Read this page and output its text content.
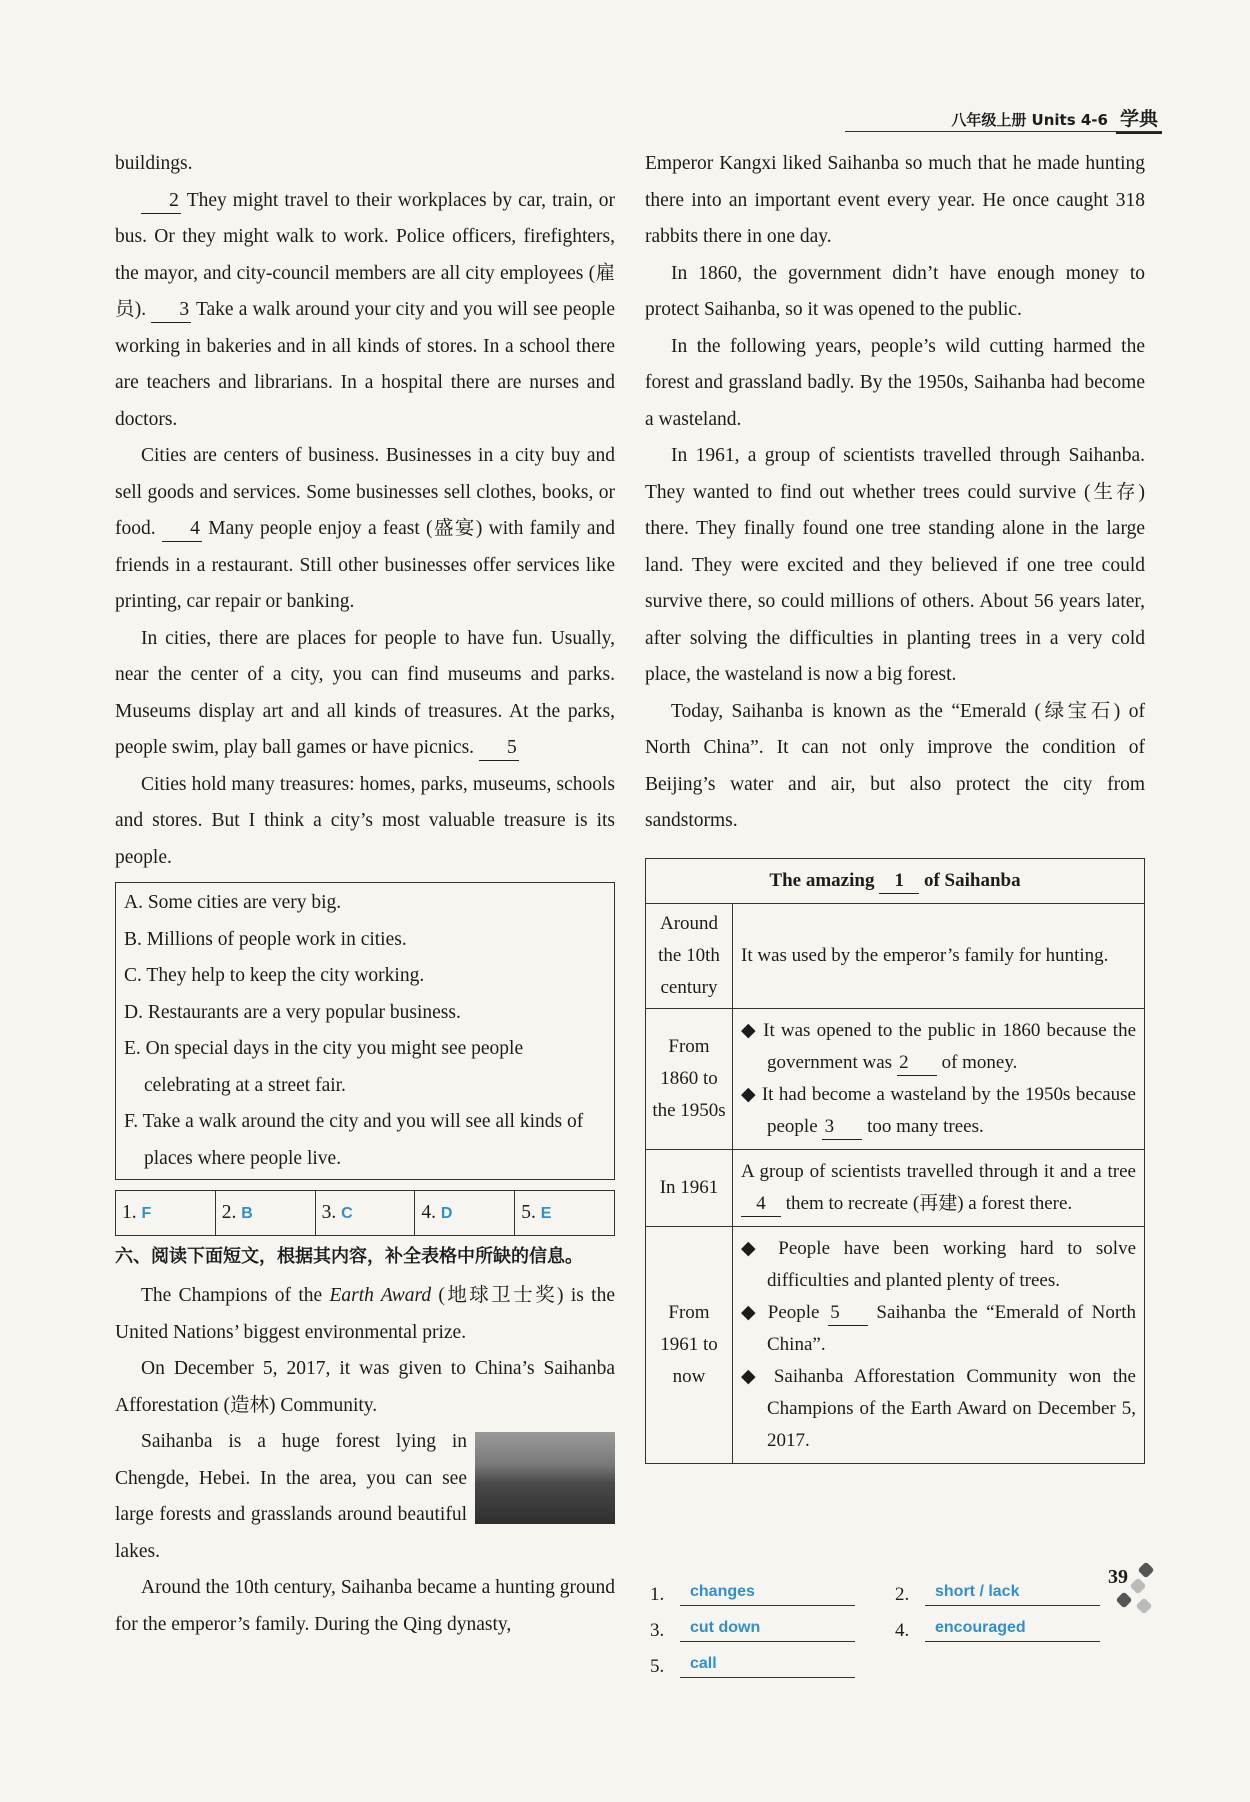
八年级上册 Units 4-6 学典

buildings.

2 They might travel to their workplaces by car, train, or bus. Or they might walk to work. Police officers, firefighters, the mayor, and city-council members are all city employees (雇员). 3 Take a walk around your city and you will see people working in bakeries and in all kinds of stores. In a school there are teachers and librarians. In a hospital there are nurses and doctors.

Cities are centers of business. Businesses in a city buy and sell goods and services. Some businesses sell clothes, books, or food. 4 Many people enjoy a feast (盛宴) with family and friends in a restaurant. Still other businesses offer services like printing, car repair or banking.

In cities, there are places for people to have fun. Usually, near the center of a city, you can find museums and parks. Museums display art and all kinds of treasures. At the parks, people swim, play ball games or have picnics. 5

Cities hold many treasures: homes, parks, museums, schools and stores. But I think a city’s most valuable treasure is its people.

A. Some cities are very big.
B. Millions of people work in cities.
C. They help to keep the city working.
D. Restaurants are a very popular business.
E. On special days in the city you might see people celebrating at a street fair.
F. Take a walk around the city and you will see all kinds of places where people live.
1. F	2. B	3. C	4. D	5. E
六、阅读下面短文，根据其内容，补全表格中所缺的信息。

The Champions of the Earth Award (地球卫士奖) is the United Nations’ biggest environmental prize.

On December 5, 2017, it was given to China’s Saihanba Afforestation (造林) Community.

Saihanba is a huge forest lying in Chengde, Hebei. In the area, you can see large forests and grasslands around beautiful lakes.

Around the 10th century, Saihanba became a hunting ground for the emperor’s family. During the Qing dynasty,

Emperor Kangxi liked Saihanba so much that he made hunting there into an important event every year. He once caught 318 rabbits there in one day.

In 1860, the government didn’t have enough money to protect Saihanba, so it was opened to the public.

In the following years, people’s wild cutting harmed the forest and grassland badly. By the 1950s, Saihanba had become a wasteland.

In 1961, a group of scientists travelled through Saihanba. They wanted to find out whether trees could survive (生存) there. They finally found one tree standing alone in the large land. They were excited and they believed if one tree could survive there, so could millions of others. About 56 years later, after solving the difficulties in planting trees in a very cold place, the wasteland is now a big forest.

Today, Saihanba is known as the “Emerald (绿宝石) of North China”. It can not only improve the condition of Beijing’s water and air, but also protect the city from sandstorms.

The amazing 1 of Saihanba	
Around the 10th century	It was used by the emperor’s family for hunting.

From 1860 to the 1950s	◆ It was opened to the public in 1860 because the government was 2 of money.
◆ It had become a wasteland by the 1950s because people 3 too many trees.

In 1961	A group of scientists travelled through it and a tree 4 them to recreate (再建) a forest there.

From 1961 to now	◆ People have been working hard to solve difficulties and planted plenty of trees.
◆ People 5 Saihanba the “Emerald of North China”.
◆ Saihanba Afforestation Community won the Champions of the Earth Award on December 5, 2017.
1.	changes	2.	short / lack
3.	cut down	4.	encouraged
5.	call
39
